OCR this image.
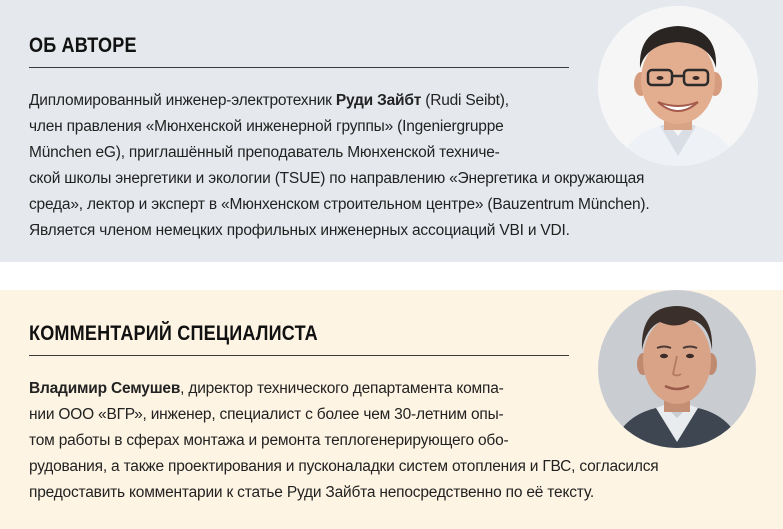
ОБ АВТОРЕ
Дипломированный инженер-электротехник Руди Зайбт (Rudi Seibt),
член правления «Мюнхенской инженерной группы» (Ingeniergruppe
München eG), приглашённый преподаватель Мюнхенской техниче-
ской школы энергетики и экологии (TSUE) по направлению «Энергетика и окружающая
среда», лектор и эксперт в «Мюнхенском строительном центре» (Bauzentrum München).
Является членом немецких профильных инженерных ассоциаций VBI и VDI.
КОММЕНТАРИЙ СПЕЦИАЛИСТА
Владимир Семушев, директор технического департамента компа-
нии ООО «ВГР», инженер, специалист с более чем 30-летним опы-
том работы в сферах монтажа и ремонта теплогенерирующего обо-
рудования, а также проектирования и пусконаладки систем отопления и ГВС, согласился
предоставить комментарии к статье Руди Зайбта непосредственно по её тексту.
